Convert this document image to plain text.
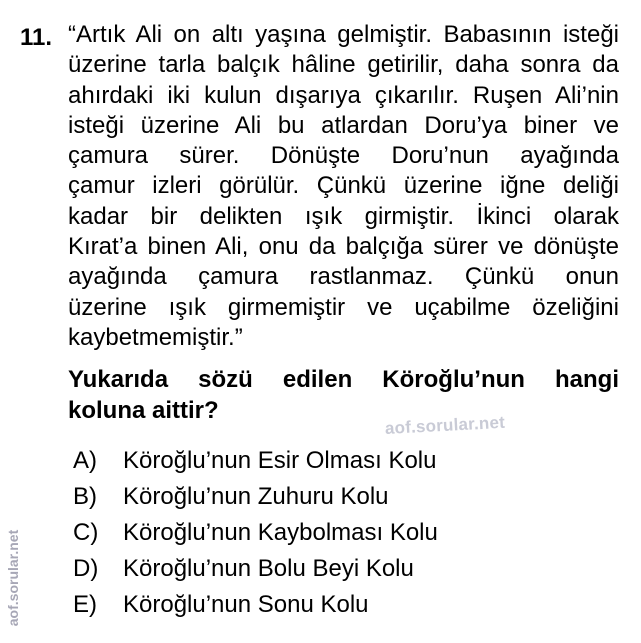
11. “Artık Ali on altı yaşına gelmiştir. Babasının isteği
üzerine tarla balçık hâline getirilir, daha sonra da
ahırdaki iki kulun dışarıya çıkarılır. Ruşen Ali’nin
isteği üzerine Ali bu atlardan Doru’ya biner ve
çamura sürer. Dönüşte Doru’nun ayağında
çamur izleri görülür. Çünkü üzerine iğne deliği
kadar bir delikten ışık girmiştir. İkinci olarak
Kırat’a binen Ali, onu da balçığa sürer ve dönüşte
ayağında çamura rastlanmaz. Çünkü onun
üzerine ışık girmemiştir ve uçabilme özeliğini
kaybetmemiştir.”
Yukarıda sözü edilen Köroğlu’nun hangi
koluna aittir?
aof.sorular.net
A) Köroğlu’nun Esir Olması Kolu
B) Köroğlu’nun Zuhuru Kolu
C) Köroğlu’nun Kaybolması Kolu
D) Köroğlu’nun Bolu Beyi Kolu
E) Köroğlu’nun Sonu Kolu
aof.sorular.net
